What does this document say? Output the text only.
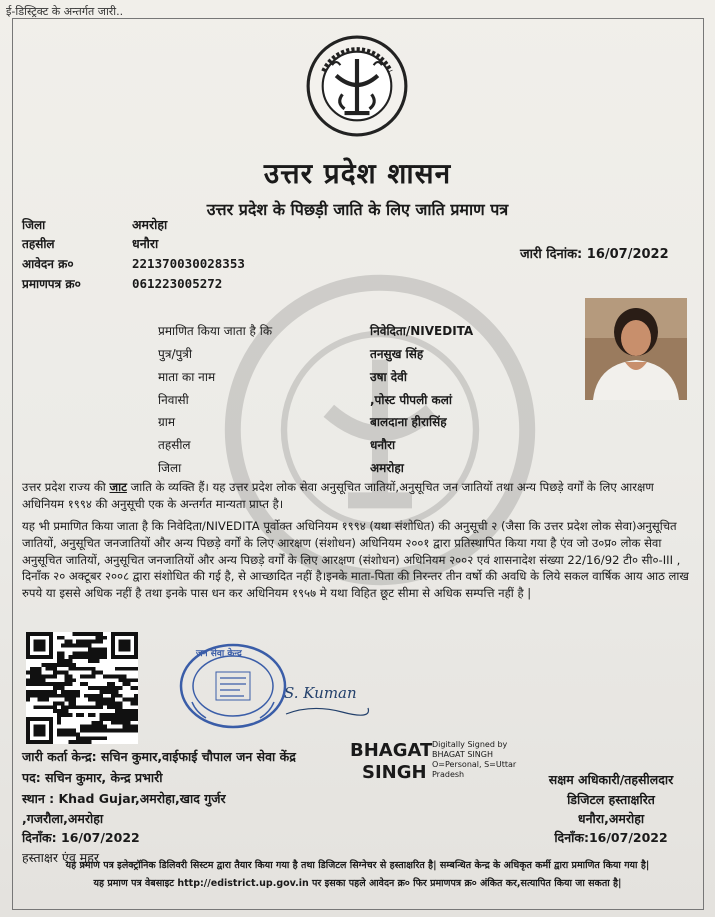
ई-डिस्ट्रिक्ट के अन्तर्गत जारी..
उत्तर प्रदेश शासन
उत्तर प्रदेश के पिछड़ी जाति के लिए जाति प्रमाण पत्र
जिला	अमरोहा
तहसील	धनौरा
आवेदन क्र०	221370030028353
प्रमाणपत्र क्र०	061223005272
जारी दिनांक: 16/07/2022
प्रमाणित किया जाता है कि	निवेदिता/NIVEDITA
पुत्र/पुत्री	तनसुख सिंह
माता का नाम	उषा देवी
निवासी	,पोस्ट पीपली कलां
ग्राम	बालदाना हीरासिंह
तहसील	धनौरा
जिला	अमरोहा
उत्तर प्रदेश राज्य की जाट जाति के व्यक्ति हैं। यह उत्तर प्रदेश लोक सेवा अनुसूचित जातियों,अनुसूचित जन जातियों तथा अन्य पिछड़े वर्गों के लिए आरक्षण अधिनियम १९९४ की अनुसूची एक के अन्तर्गत मान्यता प्राप्त है।
यह भी प्रमाणित किया जाता है कि निवेदिता/NIVEDITA पूर्वोक्त अधिनियम १९९४ (यथा संशोधित) की अनुसूची २ (जैसा कि उत्तर प्रदेश लोक सेवा)अनुसूचित जातियों, अनुसूचित जनजातियों और अन्य पिछड़े वर्गों के लिए आरक्षण (संशोधन) अधिनियम २००१ द्वारा प्रतिस्थापित किया गया है एंव जो उ०प्र० लोक सेवा अनुसूचित जातियों, अनुसूचित जनजातियों और अन्य पिछड़े वर्गों के लिए आरक्षण (संशोधन) अधिनियम २००२ एवं शासनादेश संख्या 22/16/92 टी० सी०-III , दिनाँक २० अक्टूबर २००८ द्वारा संशोधित की गई है, से आच्छादित नहीं है।इनके माता-पिता की निरन्तर तीन वर्षो की अवधि के लिये सकल वार्षिक आय आठ लाख रुपये या इससे अधिक नहीं है तथा इनके पास धन कर अधिनियम १९५७ मे यथा विहित छूट सीमा से अधिक सम्पत्ति नहीं है |
जन सेवा केन्द्र
S. Kuman
जारी कर्ता केन्द्र: सचिन कुमार,वाईफाई चौपाल जन सेवा केंद्र
पद: सचिन कुमार, केन्द्र प्रभारी
स्थान : Khad Gujar,अमरोहा,खाद गुर्जर
,गजरौला,अमरोहा
दिनाँक: 16/07/2022
हस्ताक्षर एंव मुहर
BHAGAT
SINGH
Digitally Signed by
BHAGAT SINGH
O=Personal, S=Uttar
Pradesh	सक्षम अधिकारी/तहसीलदार
डिजिटल हस्ताक्षरित
धनौरा,अमरोहा
दिनाँक:16/07/2022
यह प्रमाण पत्र इलेक्ट्रॉनिक डिलिवरी सिस्टम द्वारा तैयार किया गया है तथा डिजिटल सिग्नेचर से हस्ताक्षरित है| सम्बन्धित केन्द्र के अधिकृत कर्मी द्वारा प्रमाणित किया गया है|
यह प्रमाण पत्र वेबसाइट http://edistrict.up.gov.in पर इसका पहले आवेदन क्र० फिर प्रमाणपत्र क्र० अंकित कर,सत्यापित किया जा सकता है|
